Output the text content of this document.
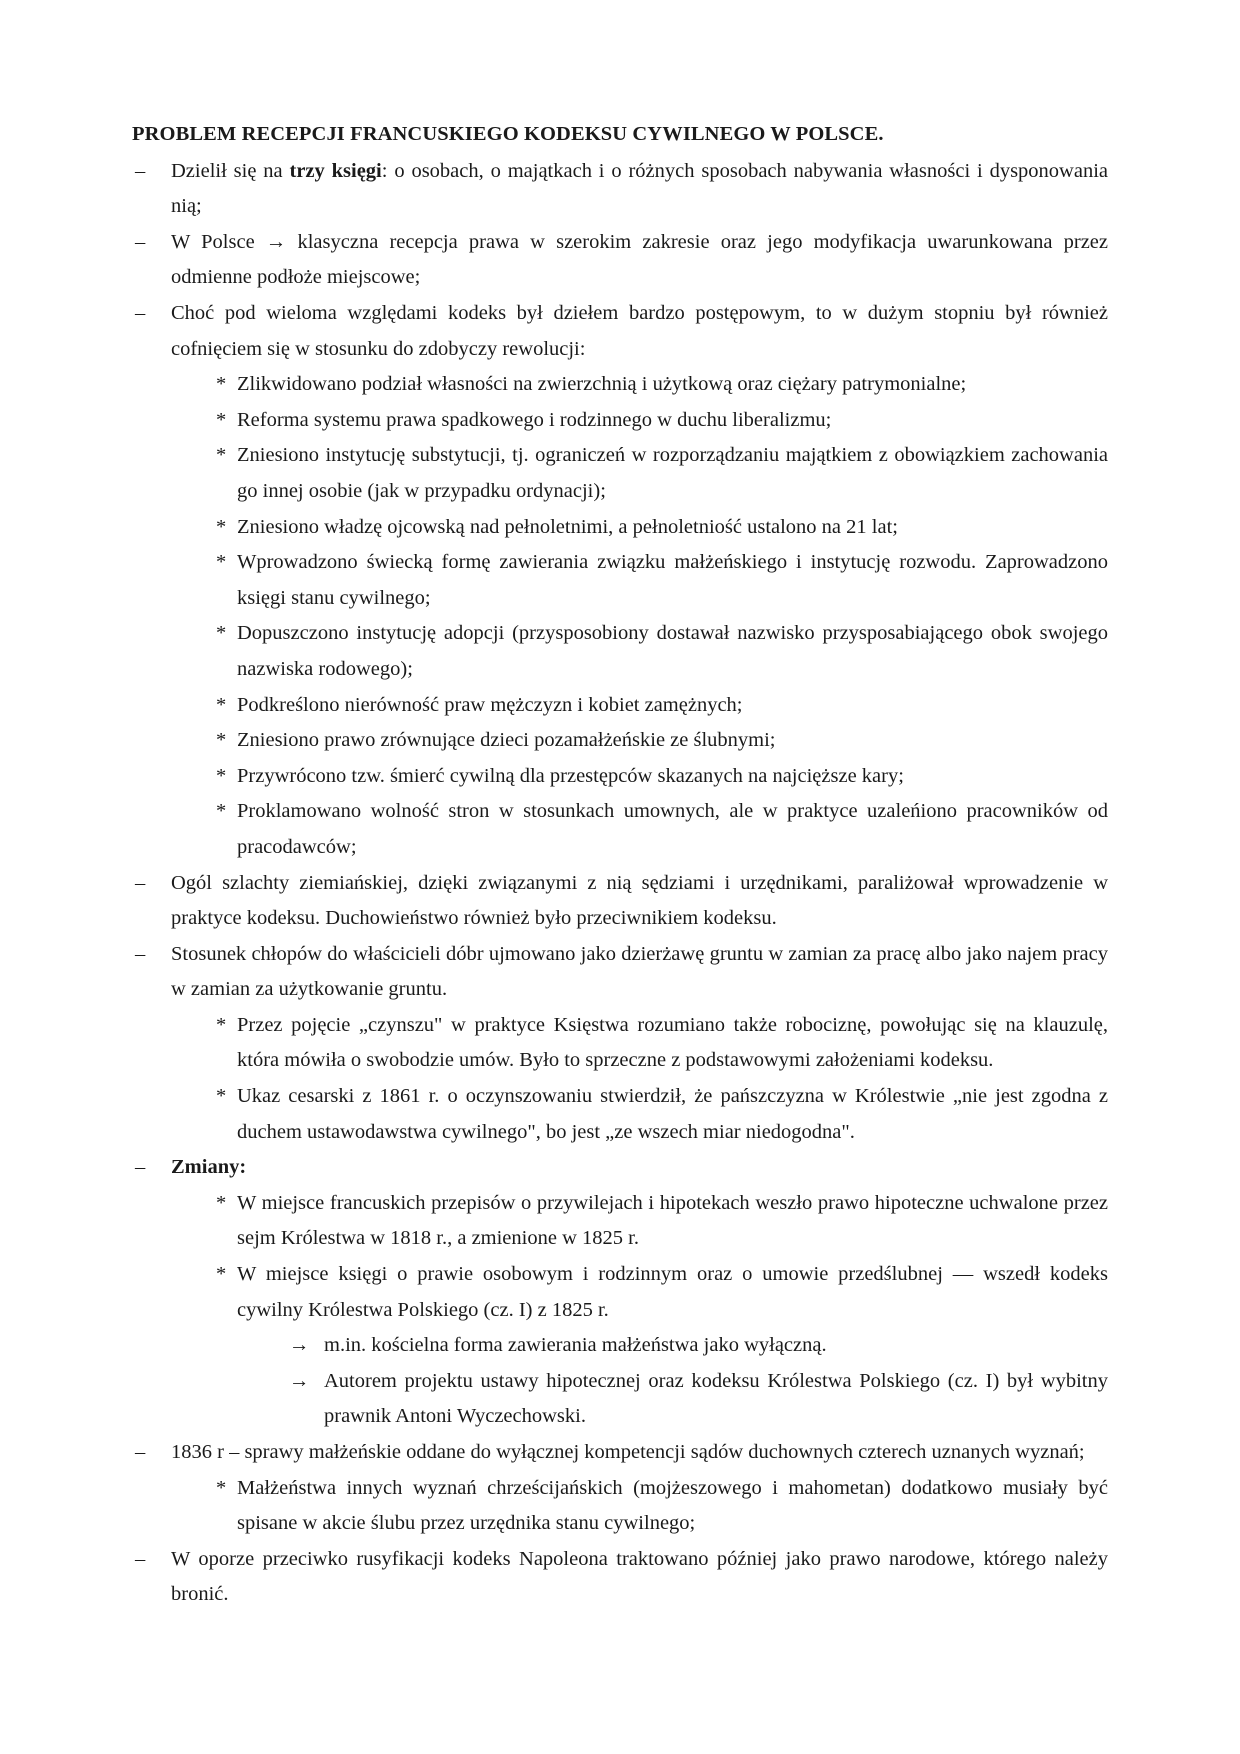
PROBLEM RECEPCJI FRANCUSKIEGO KODEKSU CYWILNEGO W POLSCE.
– Dzielił się na trzy księgi: o osobach, o majątkach i o różnych sposobach nabywania własności i dysponowania nią;
– W Polsce → klasyczna recepcja prawa w szerokim zakresie oraz jego modyfikacja uwarunkowana przez odmienne podłoże miejscowe;
– Choć pod wieloma względami kodeks był dziełem bardzo postępowym, to w dużym stopniu był również cofnięciem się w stosunku do zdobyczy rewolucji:
* Zlikwidowano podział własności na zwierzchnią i użytkową oraz ciężary patrymonialne;
* Reforma systemu prawa spadkowego i rodzinnego w duchu liberalizmu;
* Zniesiono instytucję substytucji, tj. ograniczeń w rozporządzaniu majątkiem z obowiązkiem zachowania go innej osobie (jak w przypadku ordynacji);
* Zniesiono władzę ojcowską nad pełnoletnimi, a pełnoletniość ustalono na 21 lat;
* Wprowadzono świecką formę zawierania związku małżeńskiego i instytucję rozwodu. Zaprowadzono księgi stanu cywilnego;
* Dopuszczono instytucję adopcji (przysposobiony dostawał nazwisko przysposabiającego obok swojego nazwiska rodowego);
* Podkreślono nierówność praw mężczyzn i kobiet zamężnych;
* Zniesiono prawo zrównujące dzieci pozamałżeńskie ze ślubnymi;
* Przywrócono tzw. śmierć cywilną dla przestępców skazanych na najcięższe kary;
* Proklamowano wolność stron w stosunkach umownych, ale w praktyce uzaleńiono pracowników od pracodawców;
– Ogól szlachty ziemiańskiej, dzięki związanymi z nią sędziami i urzędnikami, paraliżował wprowadzenie w praktyce kodeksu. Duchowieństwo również było przeciwnikiem kodeksu.
– Stosunek chłopów do właścicieli dóbr ujmowano jako dzierżawę gruntu w zamian za pracę albo jako najem pracy w zamian za użytkowanie gruntu.
* Przez pojęcie „czynszu" w praktyce Księstwa rozumiano także robociznę, powołując się na klauzulę, która mówiła o swobodzie umów. Było to sprzeczne z podstawowymi założeniami kodeksu.
* Ukaz cesarski z 1861 r. o oczynszowaniu stwierdził, że pańszczyzna w Królestwie „nie jest zgodna z duchem ustawodawstwa cywilnego", bo jest „ze wszech miar niedogodna".
– Zmiany:
* W miejsce francuskich przepisów o przywilejach i hipotekach weszło prawo hipoteczne uchwalone przez sejm Królestwa w 1818 r., a zmienione w 1825 r.
* W miejsce księgi o prawie osobowym i rodzinnym oraz o umowie przedślubnej — wszedł kodeks cywilny Królestwa Polskiego (cz. I) z 1825 r.
→ m.in. kościelna forma zawierania małżeństwa jako wyłączną.
→ Autorem projektu ustawy hipotecznej oraz kodeksu Królestwa Polskiego (cz. I) był wybitny prawnik Antoni Wyczechowski.
– 1836 r – sprawy małżeńskie oddane do wyłącznej kompetencji sądów duchownych czterech uznanych wyznań;
* Małżeństwa innych wyznań chrześcijańskich (mojżeszowego i mahometan) dodatkowo musiały być spisane w akcie ślubu przez urzędnika stanu cywilnego;
– W oporze przeciwko rusyfikacji kodeks Napoleona traktowano później jako prawo narodowe, którego należy bronić.
